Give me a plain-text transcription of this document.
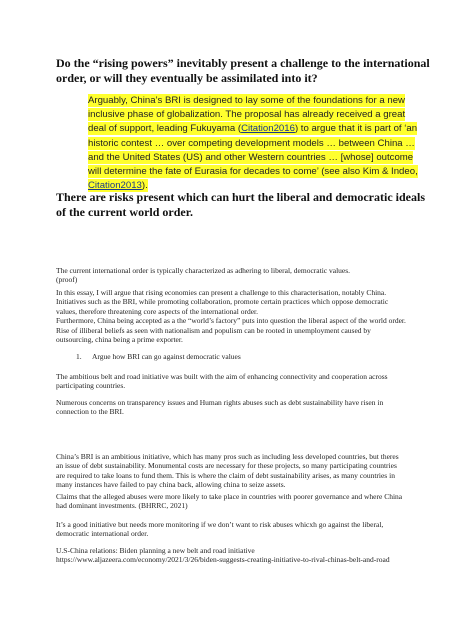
Do the “rising powers” inevitably present a challenge to the international order, or will they eventually be assimilated into it?
Arguably, China’s BRI is designed to lay some of the foundations for a new inclusive phase of globalization. The proposal has already received a great deal of support, leading Fukuyama (Citation2016) to argue that it is part of ‘an historic contest … over competing development models … between China … and the United States (US) and other Western countries … [whose] outcome will determine the fate of Eurasia for decades to come’ (see also Kim & Indeo, Citation2013).
There are risks present which can hurt the liberal and democratic ideals of the current world order.
The current international order is typically characterized as adhering to liberal, democratic values.
(proof)
In this essay, I will argue that rising economies can present a challenge to this characterisation, notably China. Initiatives such as the BRI, while promoting collaboration, promote certain practices which oppose democratic values, therefore threatening core aspects of the international order.
Furthermore, China being accepted as a the “world’s factory” puts into question the liberal aspect of the world order. Rise of illiberal beliefs as seen with nationalism and populism can be rooted in unemployment caused by outsourcing, china being a prime exporter.
1. Argue how BRI can go against democratic values

The ambitious belt and road initiative was built with the aim of enhancing connectivity and cooperation across participating countries.

Numerous concerns on transparency issues and Human rights abuses such as debt sustainability have risen in connection to the BRI.

China’s BRI is an ambitious initiative, which has many pros such as including less developed countries, but theres an issue of debt sustainability. Monumental costs are necessary for these projects, so many participating countries are required to take loans to fund them. This is where the claim of debt sustainability arises, as many countries in many instances have failed to pay china back, allowing china to seize assets.

Claims that the alleged abuses were more likely to take place in countries with poorer governance and where China had dominant investments. (BHRRC, 2021)

It’s a good initiative but needs more monitoring if we don’t want to risk abuses whicxh go against the liberal, democratic international order.

U.S-China relations: Biden planning a new belt and road initiative
https://www.aljazeera.com/economy/2021/3/26/biden-suggests-creating-initiative-to-rival-chinas-belt-and-road
